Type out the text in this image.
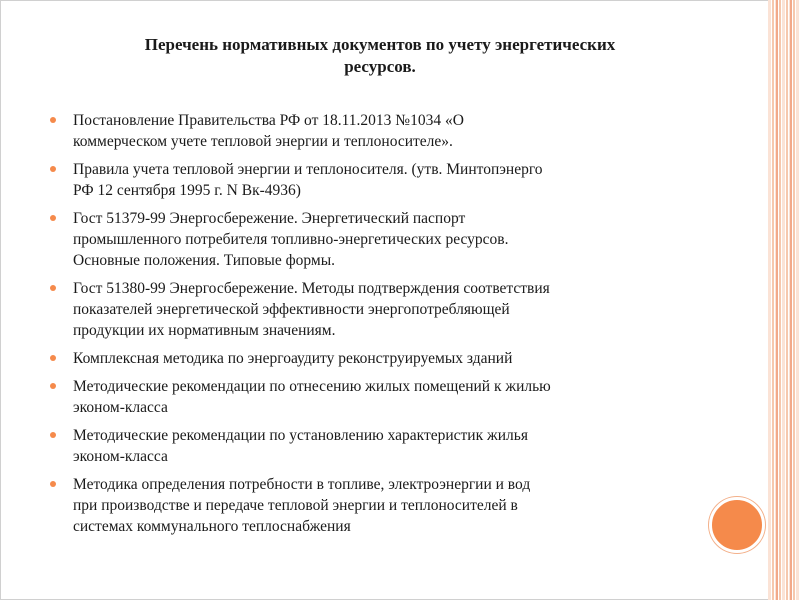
Перечень нормативных документов по учету энергетических
ресурсов.
Постановление Правительства РФ от 18.11.2013 №1034 «О
коммерческом учете тепловой энергии и теплоносителе».
Правила учета тепловой энергии и теплоносителя. (утв. Минтопэнерго
РФ 12 сентября 1995 г. N Вк-4936)
Гост 51379-99 Энергосбережение. Энергетический паспорт
промышленного потребителя топливно-энергетических ресурсов.
Основные положения. Типовые формы.
Гост 51380-99 Энергосбережение. Методы подтверждения соответствия
показателей энергетической эффективности энергопотребляющей
продукции их нормативным значениям.
Комплексная методика по энергоаудиту реконструируемых зданий
Методические рекомендации по отнесению жилых помещений к жилью
эконом-класса
Методические рекомендации по установлению характеристик жилья
эконом-класса
Методика определения потребности в топливе, электроэнергии и вод
при производстве и передаче тепловой энергии и теплоносителей в
системах коммунального теплоснабжения
